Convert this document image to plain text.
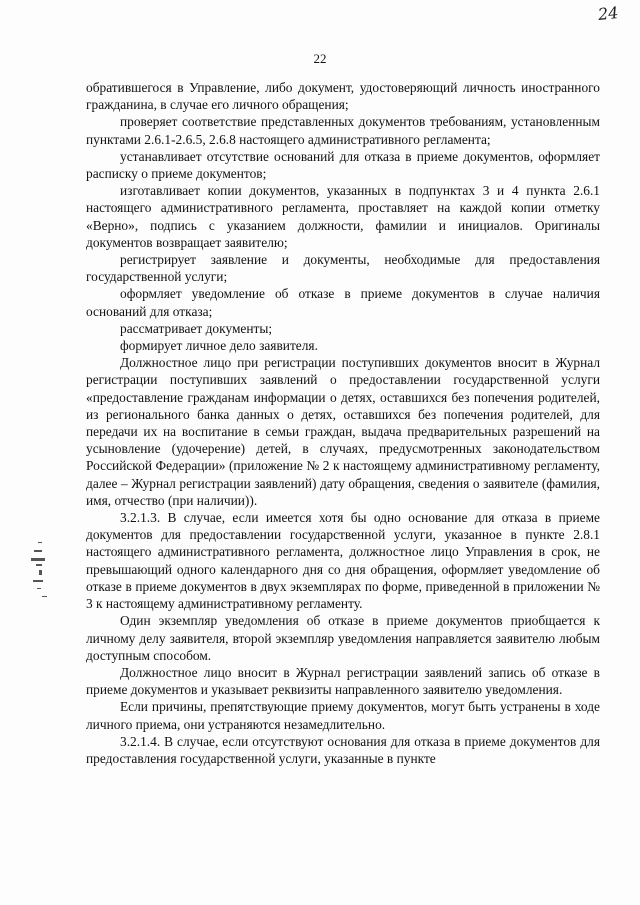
24
22

обратившегося в Управление, либо документ, удостоверяющий личность иностранного гражданина, в случае его личного обращения;

проверяет соответствие представленных документов требованиям, установленным пунктами 2.6.1-2.6.5, 2.6.8 настоящего административного регламента;

устанавливает отсутствие оснований для отказа в приеме документов, оформляет расписку о приеме документов;

изготавливает копии документов, указанных в подпунктах 3 и 4 пункта 2.6.1 настоящего административного регламента, проставляет на каждой копии отметку «Верно», подпись с указанием должности, фамилии и инициалов. Оригиналы документов возвращает заявителю;

регистрирует заявление и документы, необходимые для предоставления государственной услуги;

оформляет уведомление об отказе в приеме документов в случае наличия оснований для отказа;

рассматривает документы;

формирует личное дело заявителя.

Должностное лицо при регистрации поступивших документов вносит в Журнал регистрации поступивших заявлений о предоставлении государственной услуги «предоставление гражданам информации о детях, оставшихся без попечения родителей, из регионального банка данных о детях, оставшихся без попечения родителей, для передачи их на воспитание в семьи граждан, выдача предварительных разрешений на усыновление (удочерение) детей, в случаях, предусмотренных законодательством Российской Федерации» (приложение № 2 к настоящему административному регламенту, далее – Журнал регистрации заявлений) дату обращения, сведения о заявителе (фамилия, имя, отчество (при наличии)).

3.2.1.3. В случае, если имеется хотя бы одно основание для отказа в приеме документов для предоставлении государственной услуги, указанное в пункте 2.8.1 настоящего административного регламента, должностное лицо Управления в срок, не превышающий одного календарного дня со дня обращения, оформляет уведомление об отказе в приеме документов в двух экземплярах по форме, приведенной в приложении № 3 к настоящему административному регламенту.

Один экземпляр уведомления об отказе в приеме документов приобщается к личному делу заявителя, второй экземпляр уведомления направляется заявителю любым доступным способом.

Должностное лицо вносит в Журнал регистрации заявлений запись об отказе в приеме документов и указывает реквизиты направленного заявителю уведомления.

Если причины, препятствующие приему документов, могут быть устранены в ходе личного приема, они устраняются незамедлительно.

3.2.1.4. В случае, если отсутствуют основания для отказа в приеме документов для предоставления государственной услуги, указанные в пункте
